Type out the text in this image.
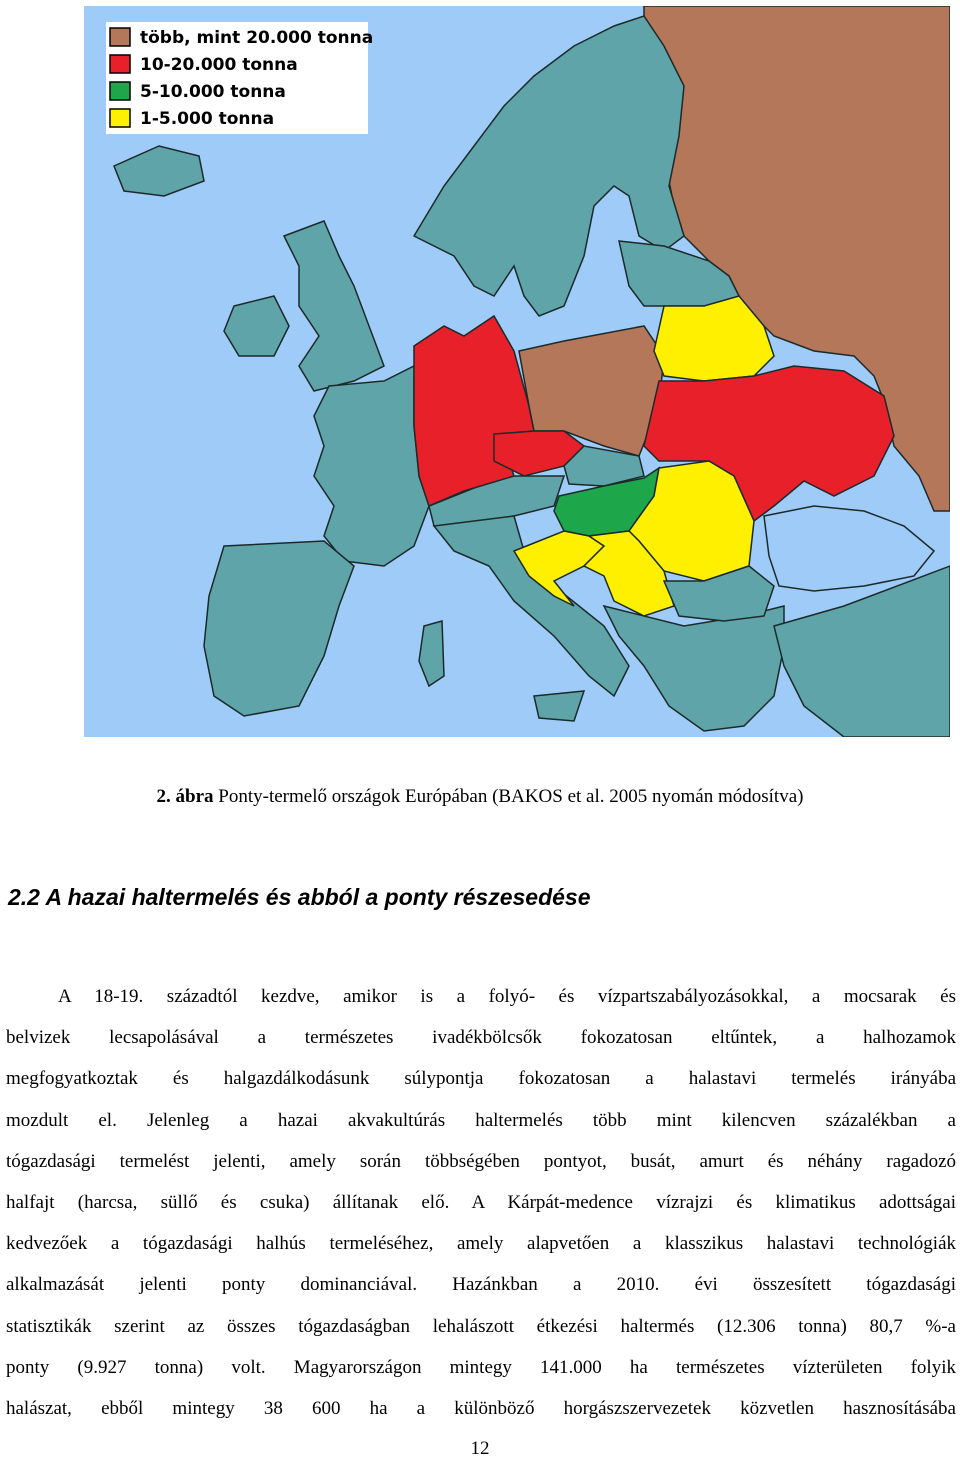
több, mint 20.000 tonna
10-20.000 tonna
5-10.000 tonna
1-5.000 tonna
2. ábra Ponty-termelő országok Európában (BAKOS et al. 2005 nyomán módosítva)
2.2 A hazai haltermelés és abból a ponty részesedése
A 18-19. századtól kezdve, amikor is a folyó- és vízpartszabályozásokkal, a mocsarak és
belvizek lecsapolásával a természetes ivadékbölcsők fokozatosan eltűntek, a halhozamok
megfogyatkoztak és halgazdálkodásunk súlypontja fokozatosan a halastavi termelés irányába
mozdult el. Jelenleg a hazai akvakultúrás haltermelés több mint kilencven százalékban a
tógazdasági termelést jelenti, amely során többségében pontyot, busát, amurt és néhány ragadozó
halfajt (harcsa, süllő és csuka) állítanak elő. A Kárpát-medence vízrajzi és klimatikus adottságai
kedvezőek a tógazdasági halhús termeléséhez, amely alapvetően a klasszikus halastavi technológiák
alkalmazását jelenti ponty dominanciával. Hazánkban a 2010. évi összesített tógazdasági
statisztikák szerint az összes tógazdaságban lehalászott étkezési haltermés (12.306 tonna) 80,7 %-a
ponty (9.927 tonna) volt. Magyarországon mintegy 141.000 ha természetes vízterületen folyik
halászat, ebből mintegy 38 600 ha a különböző horgászszervezetek közvetlen hasznosításába
12
